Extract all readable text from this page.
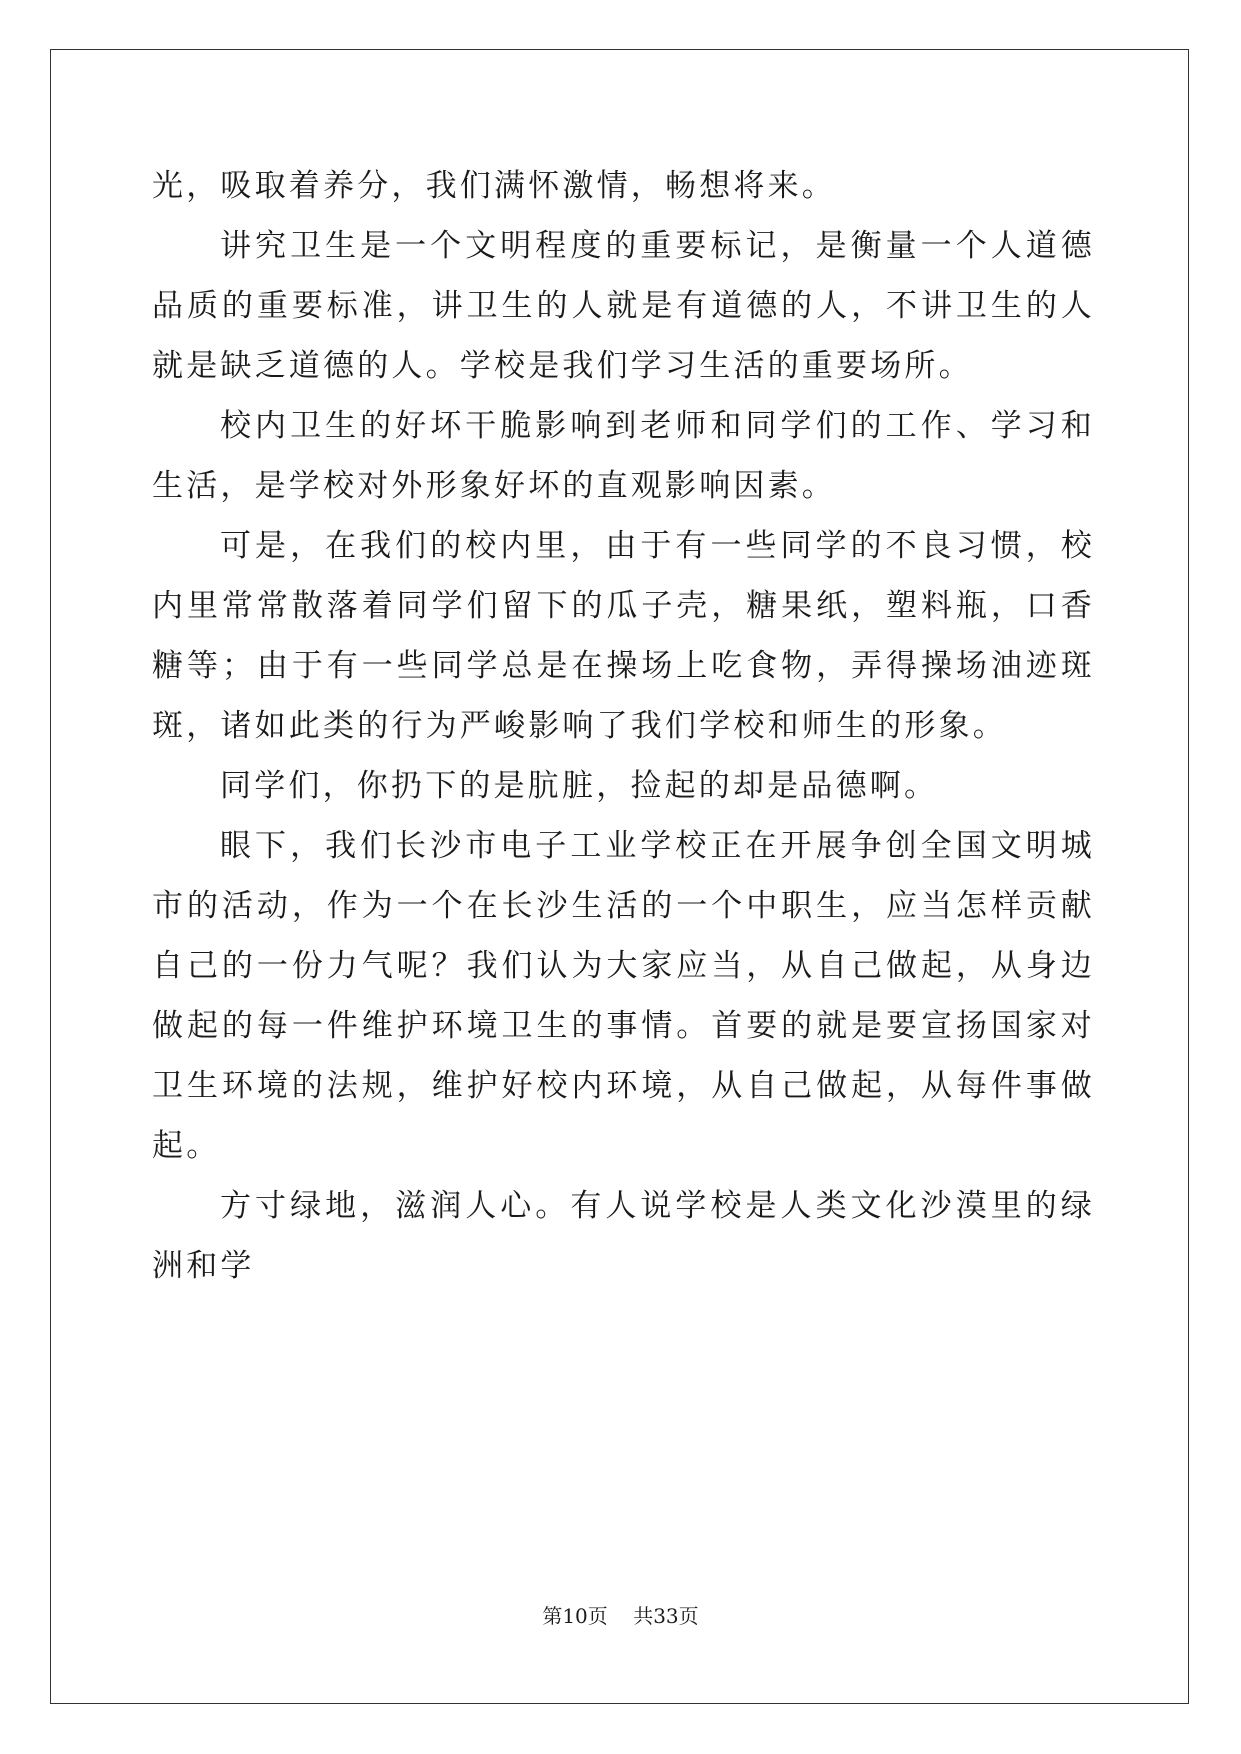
光，吸取着养分，我们满怀激情，畅想将来。

讲究卫生是一个文明程度的重要标记，是衡量一个人道德品质的重要标准，讲卫生的人就是有道德的人，不讲卫生的人就是缺乏道德的人。学校是我们学习生活的重要场所。

校内卫生的好坏干脆影响到老师和同学们的工作、学习和生活，是学校对外形象好坏的直观影响因素。

可是，在我们的校内里，由于有一些同学的不良习惯，校内里常常散落着同学们留下的瓜子壳，糖果纸，塑料瓶，口香糖等；由于有一些同学总是在操场上吃食物，弄得操场油迹斑斑，诸如此类的行为严峻影响了我们学校和师生的形象。

同学们，你扔下的是肮脏，捡起的却是品德啊。

眼下，我们长沙市电子工业学校正在开展争创全国文明城市的活动，作为一个在长沙生活的一个中职生，应当怎样贡献自己的一份力气呢？我们认为大家应当，从自己做起，从身边做起的每一件维护环境卫生的事情。首要的就是要宣扬国家对卫生环境的法规，维护好校内环境，从自己做起，从每件事做起。

方寸绿地，滋润人心。有人说学校是人类文化沙漠里的绿洲和学

第10页    共33页
